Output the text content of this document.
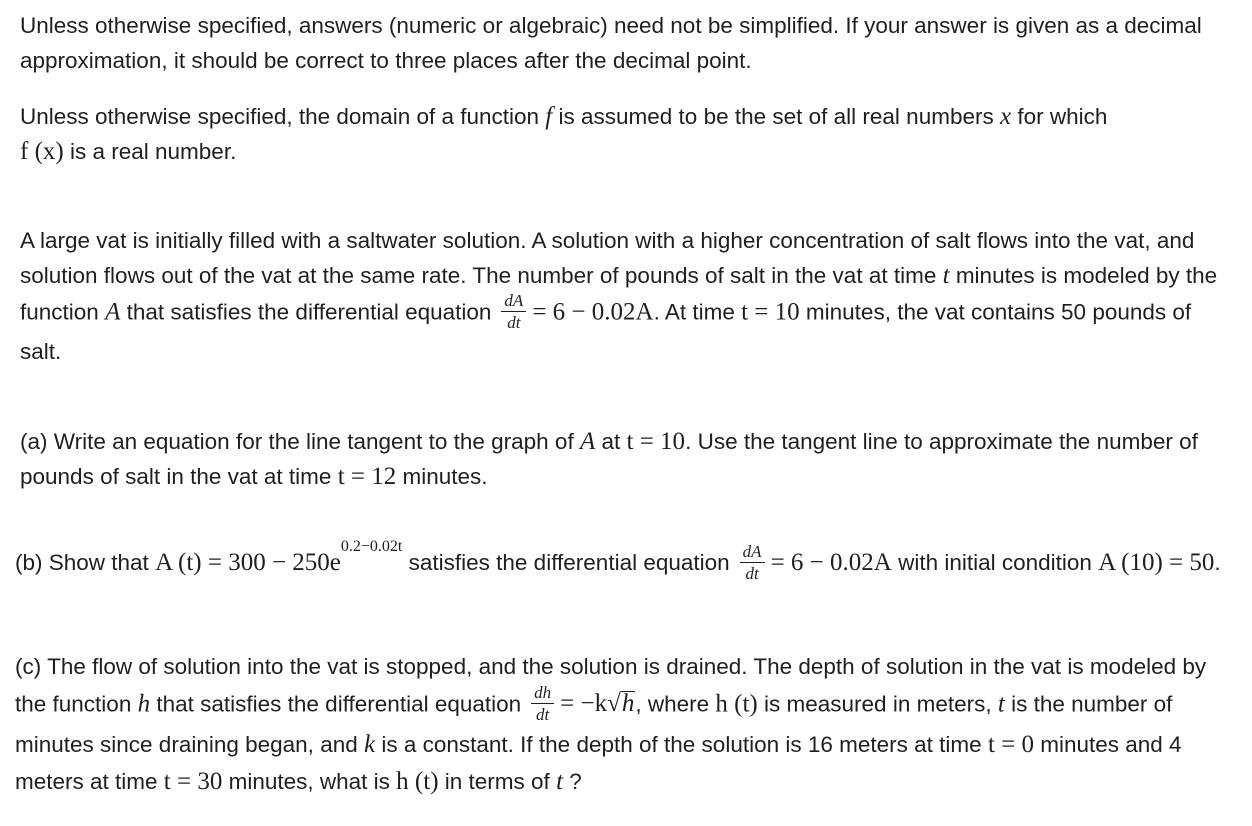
Unless otherwise specified, answers (numeric or algebraic) need not be simplified. If your answer is given as a decimal approximation, it should be correct to three places after the decimal point.

Unless otherwise specified, the domain of a function f is assumed to be the set of all real numbers x for which
f (x) is a real number.

A large vat is initially filled with a saltwater solution. A solution with a higher concentration of salt flows into the vat, and solution flows out of the vat at the same rate. The number of pounds of salt in the vat at time t minutes is modeled by the function A that satisfies the differential equation $\frac{dA}{dt} = 6 - 0.02A$. At time t = 10 minutes, the vat contains 50 pounds of salt.

(a) Write an equation for the line tangent to the graph of A at t = 10. Use the tangent line to approximate the number of pounds of salt in the vat at time t = 12 minutes.

(b) Show that A $(t) = 300 - 250e^{0.2-0.02t}$ satisfies the differential equation $\frac{dA}{dt} = 6 - 0.02A$ with initial condition A (10) = 50.

(c) The flow of solution into the vat is stopped, and the solution is drained. The depth of solution in the vat is modeled by the function h that satisfies the differential equation $\frac{dh}{dt} = -k√h$, where h (t) is measured in meters, t is the number of minutes since draining began, and k is a constant. If the depth of the solution is 16 meters at time t = 0 minutes and 4 meters at time t = 30 minutes, what is h (t) in terms of t ?
